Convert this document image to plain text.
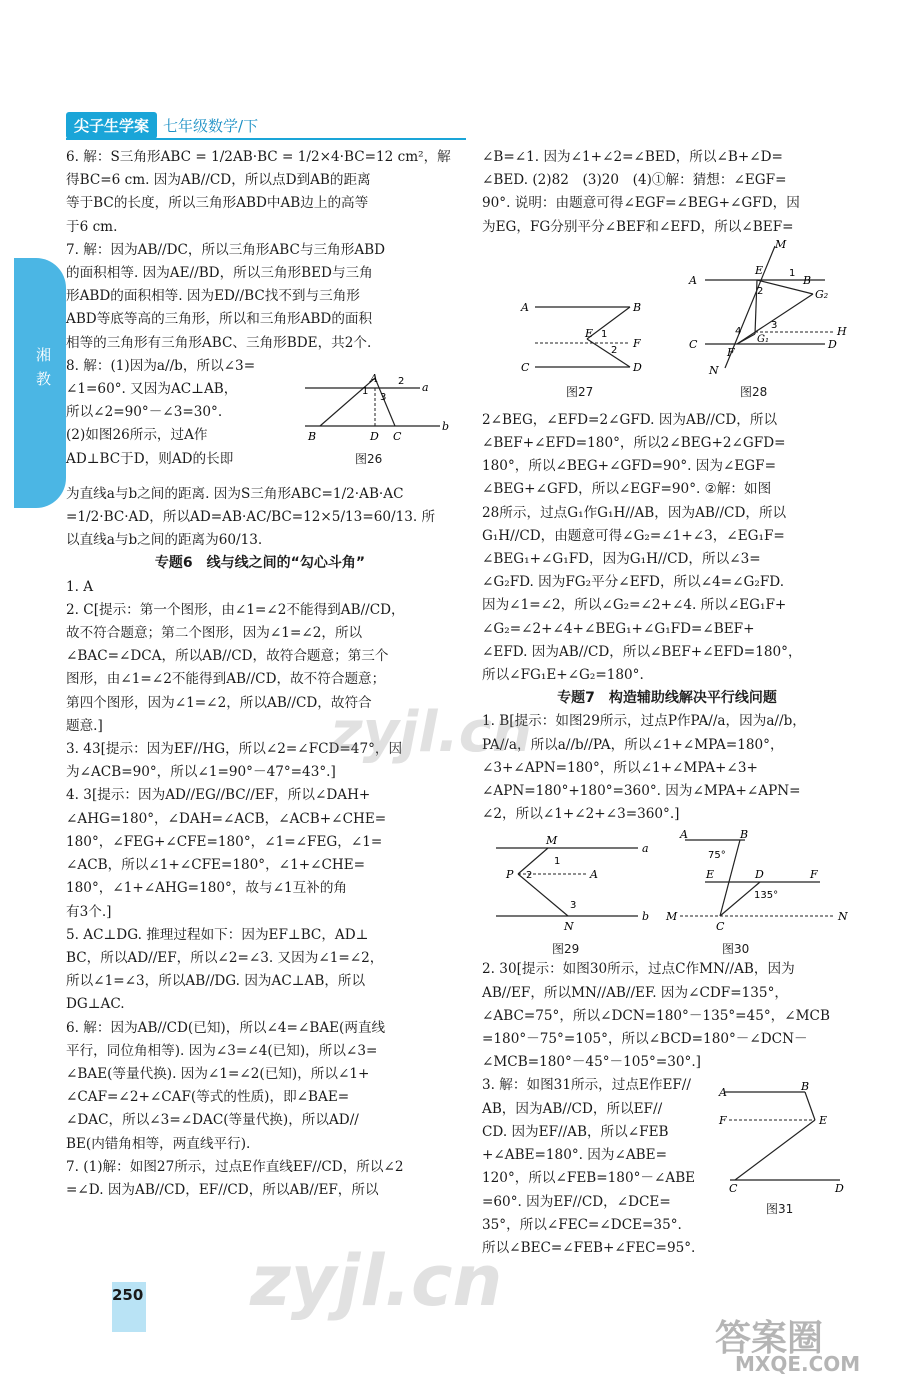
尖子生学案 七年级数学/下
湘教

6. 解：S三角形ABC = 1/2AB·BC = 1/2×4·BC=12 cm²，解

得BC=6 cm. 因为AB//CD，所以点D到AB的距离

等于BC的长度，所以三角形ABD中AB边上的高等

于6 cm.

7. 解：因为AB//DC，所以三角形ABC与三角形ABD

的面积相等. 因为AE//BD，所以三角形BED与三角

形ABD的面积相等. 因为ED//BC找不到与三角形

ABD等底等高的三角形，所以和三角形ABD的面积

相等的三角形有三角形ABC、三角形BDE，共2个.

8. 解：(1)因为a//b，所以∠3=

∠1=60°. 又因为AC⊥AB，

所以∠2=90°－∠3=30°.

(2)如图26所示，过A作

AD⊥BC于D，则AD的长即

为直线a与b之间的距离. 因为S三角形ABC=1/2·AB·AC

=1/2·BC·AD，所以AD=AB·AC/BC=12×5/13=60/13. 所

以直线a与b之间的距离为60/13.

专题6　线与线之间的“勾心斗角”

1. A

2. C[提示：第一个图形，由∠1=∠2不能得到AB//CD，

故不符合题意；第二个图形，因为∠1=∠2，所以

∠BAC=∠DCA，所以AB//CD，故符合题意；第三个

图形，由∠1=∠2不能得到AB//CD，故不符合题意；

第四个图形，因为∠1=∠2，所以AB//CD，故符合

题意.]

3. 43[提示：因为EF//HG，所以∠2=∠FCD=47°，因

为∠ACB=90°，所以∠1=90°－47°=43°.]

4. 3[提示：因为AD//EG//BC//EF，所以∠DAH+

∠AHG=180°，∠DAH=∠ACB，∠ACB+∠CHE=

180°，∠FEG+∠CFE=180°，∠1=∠FEG，∠1=

∠ACB，所以∠1+∠CFE=180°，∠1+∠CHE=

180°，∠1+∠AHG=180°，故与∠1互补的角

有3个.]

5. AC⊥DG. 推理过程如下：因为EF⊥BC，AD⊥

BC，所以AD//EF，所以∠2=∠3. 又因为∠1=∠2，

所以∠1=∠3，所以AB//DG. 因为AC⊥AB，所以

DG⊥AC.

6. 解：因为AB//CD(已知)，所以∠4=∠BAE(两直线

平行，同位角相等). 因为∠3=∠4(已知)，所以∠3=

∠BAE(等量代换). 因为∠1=∠2(已知)，所以∠1+

∠CAF=∠2+∠CAF(等式的性质)，即∠BAE=

∠DAC，所以∠3=∠DAC(等量代换)，所以AD//

BE(内错角相等，两直线平行).

7. (1)解：如图27所示，过点E作直线EF//CD，所以∠2

=∠D. 因为AB//CD，EF//CD，所以AB//EF，所以

A
a
b
B	D C
2
1
3
图26

∠B=∠1. 因为∠1+∠2=∠BED，所以∠B+∠D=

∠BED. (2)82　(3)20　(4)①解：猜想：∠EGF=

90°. 说明：由题意可得∠EGF=∠BEG+∠GFD，因

为EG，FG分别平分∠BEF和∠EFD，所以∠BEF=

2∠BEG，∠EFD=2∠GFD. 因为AB//CD，所以

∠BEF+∠EFD=180°，所以2∠BEG+2∠GFD=

180°，所以∠BEG+∠GFD=90°. 因为∠EGF=

∠BEG+∠GFD，所以∠EGF=90°. ②解：如图

28所示，过点G₁作G₁H//AB，因为AB//CD，所以

G₁H//CD，由题意可得∠G₂=∠1+∠3，∠EG₁F=

∠BEG₁+∠G₁FD，因为G₁H//CD，所以∠3=

∠G₂FD. 因为FG₂平分∠EFD，所以∠4=∠G₂FD.

因为∠1=∠2，所以∠G₂=∠2+∠4. 所以∠EG₁F+

∠G₂=∠2+∠4+∠BEG₁+∠G₁FD=∠BEF+

∠EFD. 因为AB//CD，所以∠BEF+∠EFD=180°，

所以∠FG₁E+∠G₂=180°.

专题7　构造辅助线解决平行线问题

1. B[提示：如图29所示，过点P作PA//a，因为a//b，

PA//a，所以a//b//PA，所以∠1+∠MPA=180°，

∠3+∠APN=180°，所以∠1+∠MPA+∠3+

∠APN=180°+180°=360°. 因为∠MPA+∠APN=

∠2，所以∠1+∠2+∠3=360°.]

2. 30[提示：如图30所示，过点C作MN//AB，因为

AB//EF，所以MN//AB//EF. 因为∠CDF=135°，

∠ABC=75°，所以∠DCN=180°－135°=45°，∠MCB

=180°－75°=105°，所以∠BCD=180°－∠DCN－

∠MCB=180°－45°－105°=30°.]

3. 解：如图31所示，过点E作EF//

AB，因为AB//CD，所以EF//

CD. 因为EF//AB，所以∠FEB

+∠ABE=180°. 因为∠ABE=

120°，所以∠FEB=180°－∠ABE

=60°. 因为EF//CD，∠DCE=

35°，所以∠FEC=∠DCE=35°.

所以∠BEC=∠FEB+∠FEC=95°.

A	B
E
F
C	D
1
2
图27
M
A
E
B
G₂
H
G₁
C
F
D
N
1
2
3
4
图28
M
a
P	A
b
N
1
2
3
图29
A	B
75°
E	D	F
135°
M
C
N
图30
A	B
F	E
C	D
图31
250
zyjl.cn
zyjl.cn
答案圈
MXQE.COM
